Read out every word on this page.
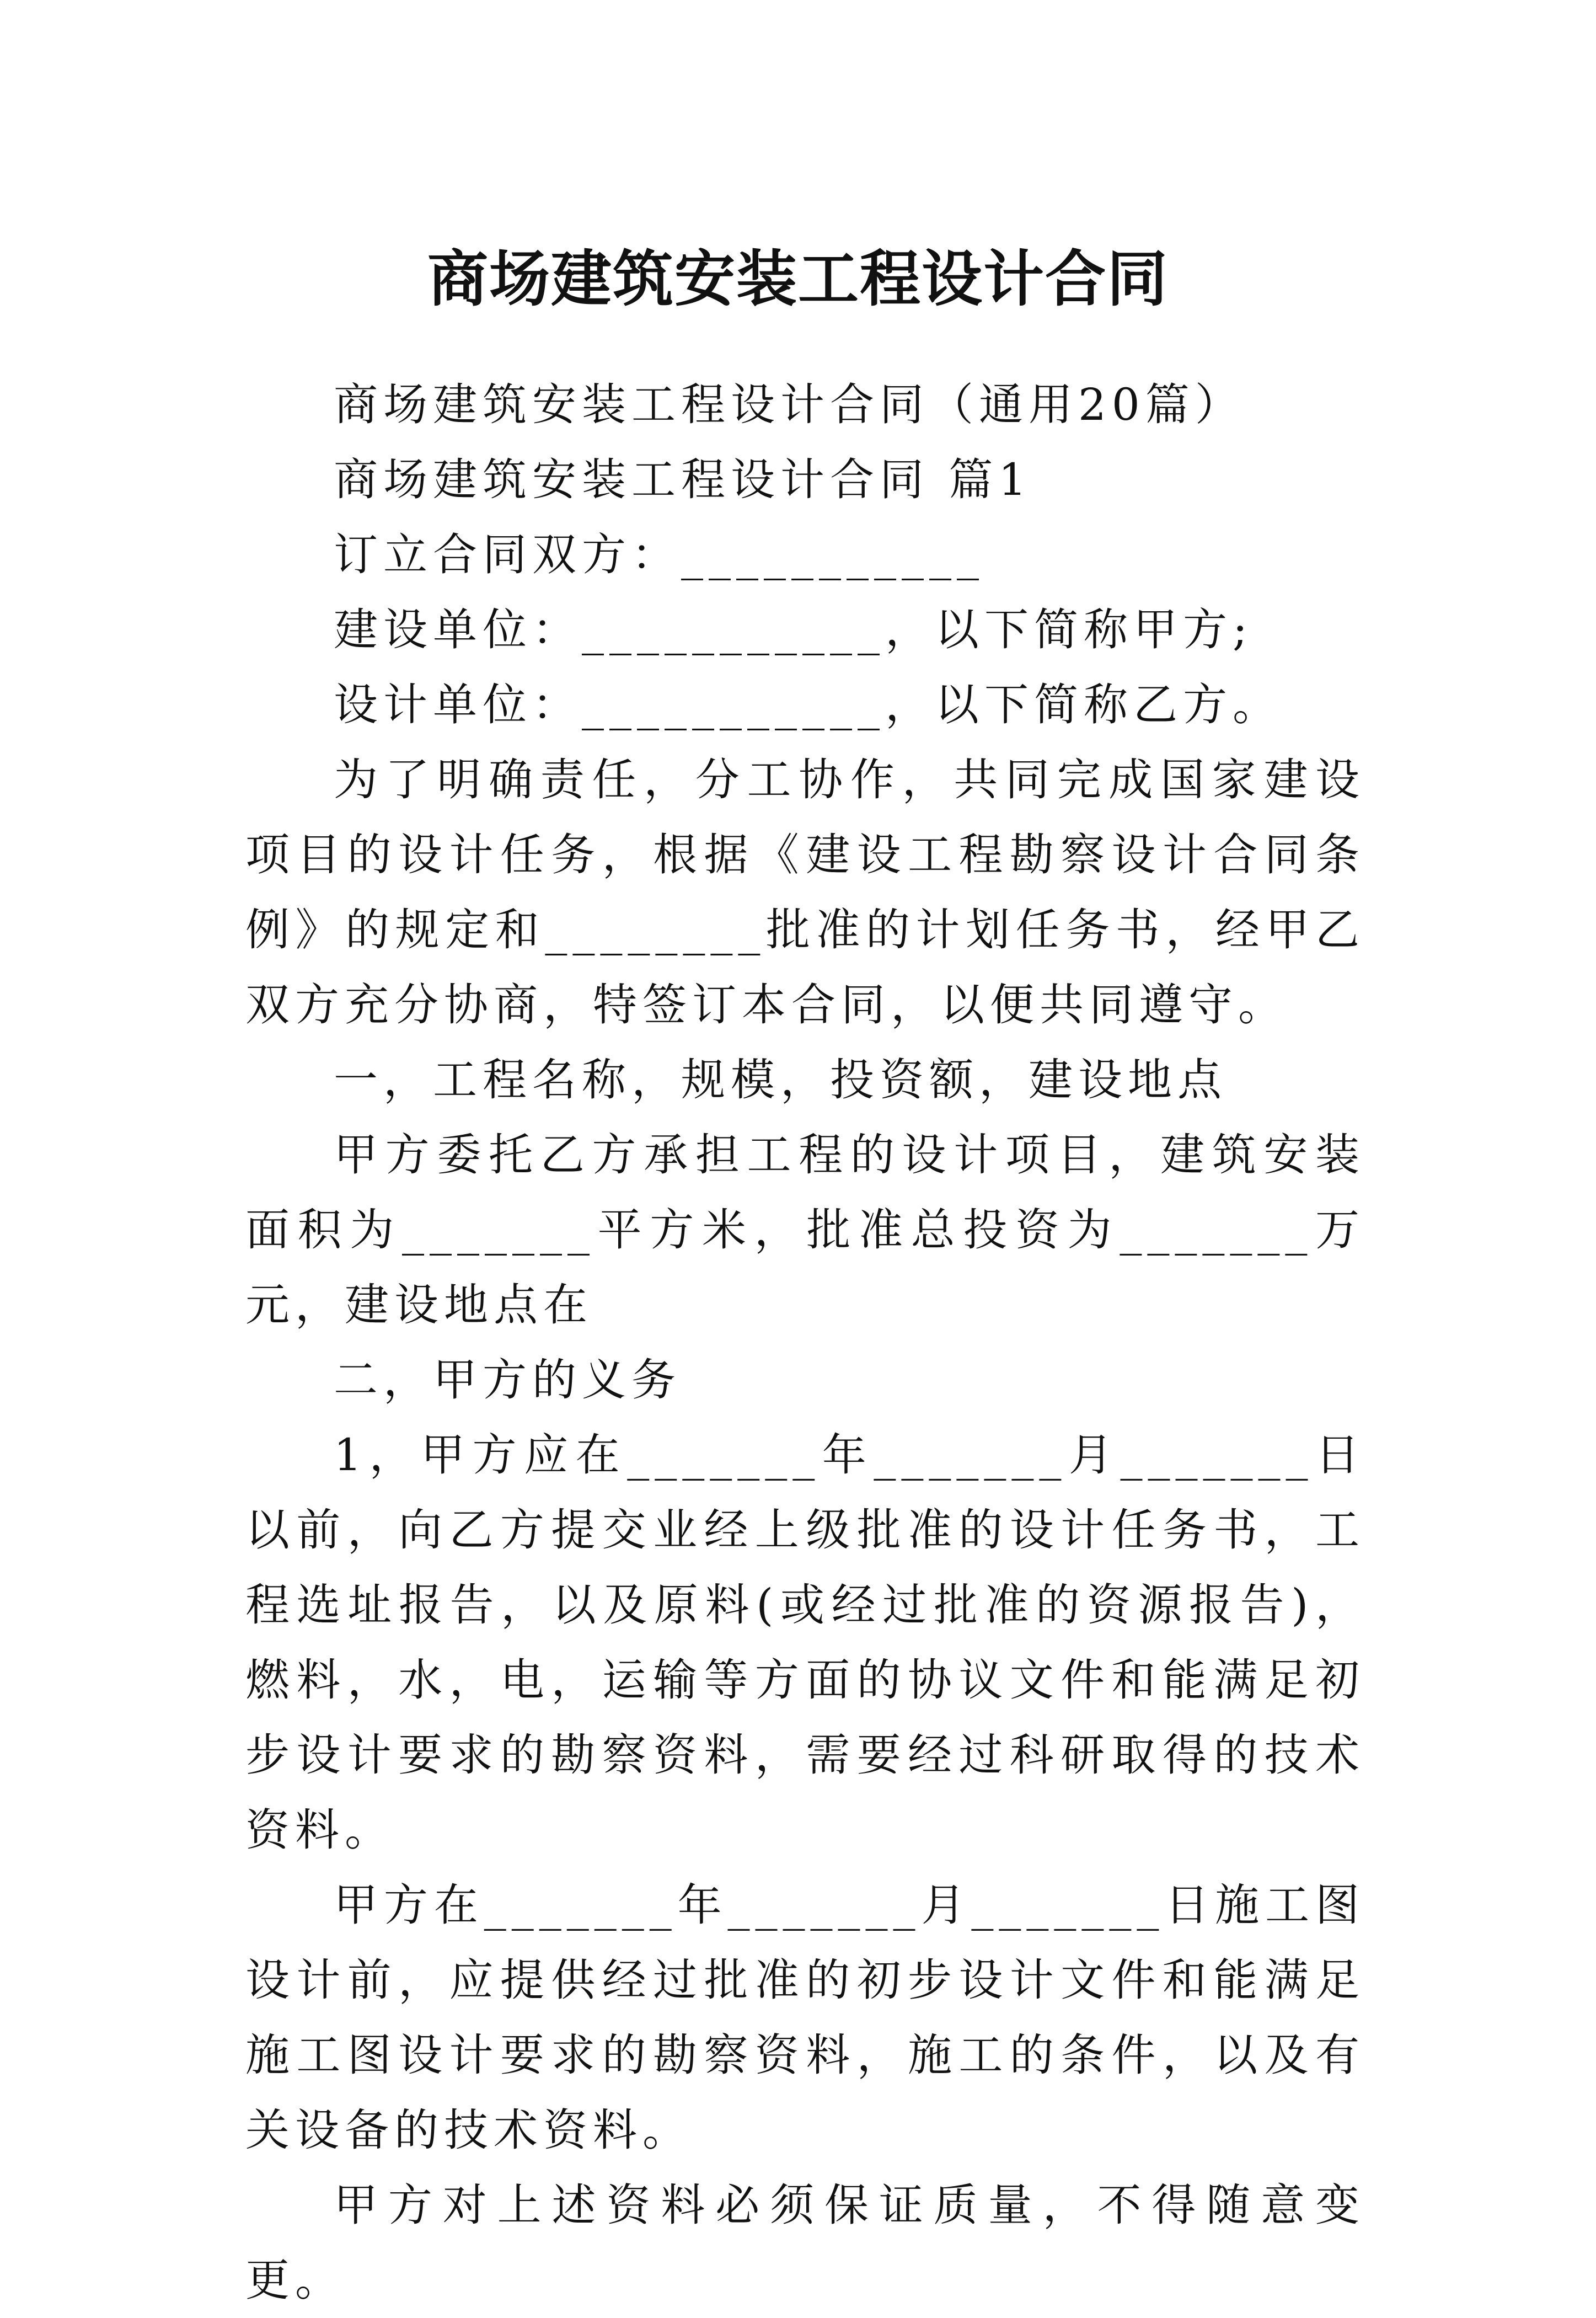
商场建筑安装工程设计合同

商场建筑安装工程设计合同（通用20篇）

商场建筑安装工程设计合同 篇1

订立合同双方：___________

建设单位：___________，以下简称甲方;

设计单位：___________，以下简称乙方。

为了明确责任，分工协作，共同完成国家建设项目的设计任务，根据《建设工程勘察设计合同条例》的规定和________批准的计划任务书，经甲乙双方充分协商，特签订本合同，以便共同遵守。

一，工程名称，规模，投资额，建设地点

甲方委托乙方承担工程的设计项目，建筑安装面积为_______平方米，批准总投资为_______万元，建设地点在

二，甲方的义务

1，甲方应在_______年_______月_______日以前，向乙方提交业经上级批准的设计任务书，工程选址报告，以及原料(或经过批准的资源报告)，燃料，水，电，运输等方面的协议文件和能满足初步设计要求的勘察资料，需要经过科研取得的技术资料。

甲方在_______年_______月_______日施工图设计前，应提供经过批准的初步设计文件和能满足施工图设计要求的勘察资料，施工的条件，以及有关设备的技术资料。

甲方对上述资料必须保证质量，不得随意变更。
